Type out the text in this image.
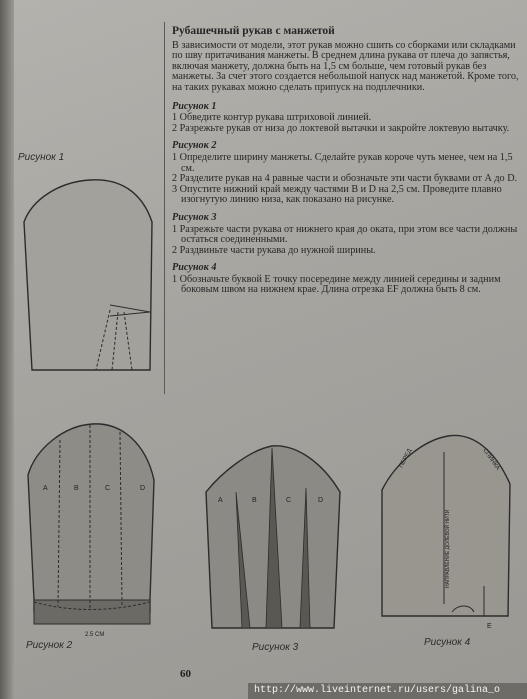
A	B	C	D
2.5 CM
A	B	C	D
ПЕРЕД	СПИНКА
НАПРАВЛЕНИЕ ДОЛЕВОЙ НИТИ
E
Рисунок 1
Рисунок 2	Рисунок 3	Рисунок 4
Рубашечный рукав с манжетой

В зависимости от модели, этот рукав можно сшить со сборками или складками по шву притачивания манжеты. В среднем длина рукава от плеча до запястья, включая манжету, должна быть на 1,5 см больше, чем готовый рукав без манжеты. За счет этого создается небольшой напуск над манжетой. Кроме того, на таких рукавах можно сделать припуск на подплечники.

Рисунок 1

1 Обведите контур рукава штриховой линией.

2 Разрежьте рукав от низа до локтевой вытачки и закройте локтевую вытачку.

Рисунок 2

1 Определите ширину манжеты. Сделайте рукав короче чуть менее, чем на 1,5 см.

2 Разделите рукав на 4 равные части и обозначьте эти части буквами от А до D.

3 Опустите нижний край между частями В и D на 2,5 см. Проведите плавно изогнутую линию низа, как показано на рисунке.

Рисунок 3

1 Разрежьте части рукава от нижнего края до оката, при этом все части должны остаться соединенными.

2 Раздвиньте части рукава до нужной ширины.

Рисунок 4

1 Обозначьте буквой Е точку посередине между линией середины и задним боковым швом на нижнем крае. Длина отрезка ЕF должна быть 8 см.

60
http://www.liveinternet.ru/users/galina_o
